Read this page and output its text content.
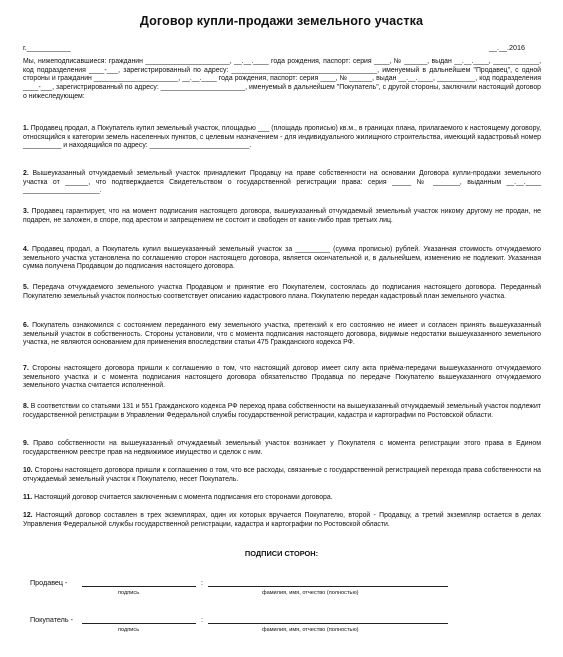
Договор купли-продажи земельного участка
г.___________	__.__.2016
Мы, нижеподписавшиеся: гражданин ______________________, __.__.____ года рождения, паспорт: серия ____, № ______, выдан __.__.____, ____________, код подразделения ____-___, зарегистрированный по адресу: ______________________________________, именуемый в дальнейшем "Продавец", с одной стороны и гражданин ______________________, __.__.____ года рождения, паспорт: серия ____, № ______, выдан __.__.____, __________, код подразделения ____-___, зарегистрированный по адресу: ______________________, именуемый в дальнейшем "Покупатель", с другой стороны, заключили настоящий договор о нижеследующем:
1. Продавец продал, а Покупатель купил земельный участок, площадью ___ (площадь прописью) кв.м., в границах плана, прилагаемого к настоящему договору, относящийся к категории земель населенных пунктов, с целевым назначением - для индивидуального жилищного строительства, имеющий кадастровый номер __________ и находящийся по адресу: __________________________.
2. Вышеуказанный отчуждаемый земельный участок принадлежит Продавцу на праве собственности на основании Договора купли-продажи земельного участка от ______, что подтверждается Свидетельством о государственной регистрации права: серия _____ № _______, выданным __.__.____ ____________________.
3. Продавец гарантирует, что на момент подписания настоящего договора, вышеуказанный отчуждаемый земельный участок никому другому не продан, не подарен, не заложен, в споре, под арестом и запрещением не состоит и свободен от каких-либо прав третьих лиц.
4. Продавец продал, а Покупатель купил вышеуказанный земельный участок за _________ (сумма прописью) рублей. Указанная стоимость отчуждаемого земельного участка установлена по соглашению сторон настоящего договора, является окончательной и, в дальнейшем, изменению не подлежит. Указанная сумма получена Продавцом до подписания настоящего договора.
5. Передача отчуждаемого земельного участка Продавцом и принятие его Покупателем, состоялась до подписания настоящего договора. Переданный Покупателю земельный участок полностью соответствует описанию кадастрового плана. Покупателю передан кадастровый план земельного участка.
6. Покупатель ознакомился с состоянием переданного ему земельного участка, претензий к его состоянию не имеет и согласен принять вышеуказанный земельный участок в собственность. Стороны установили, что с момента подписания настоящего договора, видимые недостатки вышеуказанного земельного участка, не являются основанием для применения впоследствии статьи 475 Гражданского кодекса РФ.
7. Стороны настоящего договора пришли к соглашению о том, что настоящий договор имеет силу акта приёма-передачи вышеуказанного отчуждаемого земельного участка и с момента подписания настоящего договора обязательство Продавца по передаче Покупателю вышеуказанного отчуждаемого земельного участка считается исполненной.
8. В соответствии со статьями 131 и 551 Гражданского кодекса РФ переход права собственности на вышеуказанный отчуждаемый земельный участок подлежит государственной регистрации в Управлении Федеральной службы государственной регистрации, кадастра и картографии по Ростовской области.
9. Право собственности на вышеуказанный отчуждаемый земельный участок возникает у Покупателя с момента регистрации этого права в Едином государственном реестре прав на недвижимое имущество и сделок с ним.
10. Стороны настоящего договора пришли к соглашению о том, что все расходы, связанные с государственной регистрацией перехода права собственности на отчуждаемый земельный участок к Покупателю, несет Покупатель.
11. Настоящий договор считается заключенным с момента подписания его сторонами договора.
12. Настоящий договор составлен в трех экземплярах, один их которых вручается Покупателю, второй - Продавцу, а третий экземпляр остается в делах Управления Федеральной службы государственной регистрации, кадастра и картографии по Ростовской области.
ПОДПИСИ СТОРОН:
Продавец -	:
подпись	фамилия, имя, отчество (полностью)
Покупатель -	:
подпись	фамилия, имя, отчество (полностью)
